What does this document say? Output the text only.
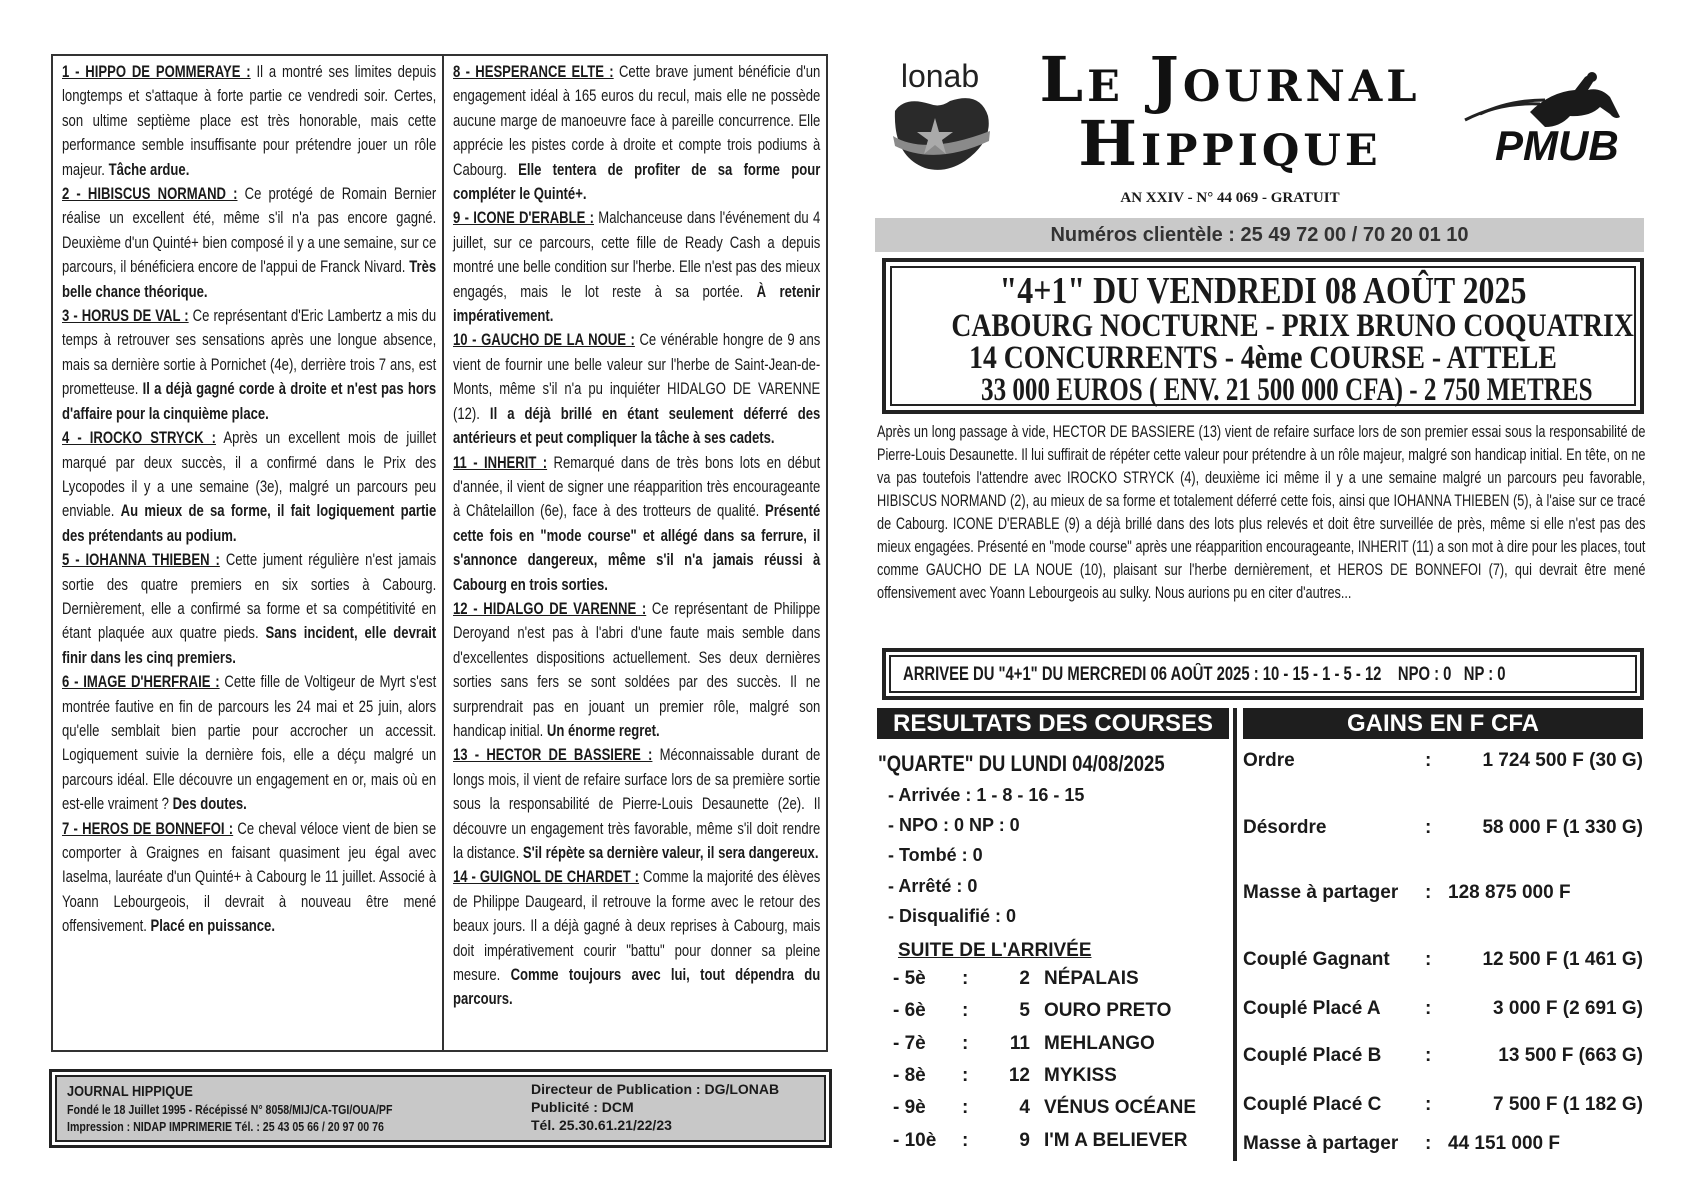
1 - HIPPO DE POMMERAYE : Il a montré ses limites depuis longtemps et s'attaque à forte partie ce vendredi soir. Certes, son ultime septième place est très honorable, mais cette performance semble insuffisante pour prétendre jouer un rôle majeur. Tâche ardue.
2 - HIBISCUS NORMAND : Ce protégé de Romain Bernier réalise un excellent été, même s'il n'a pas encore gagné. Deuxième d'un Quinté+ bien composé il y a une semaine, sur ce parcours, il bénéficiera encore de l'appui de Franck Nivard. Très belle chance théorique.
3 - HORUS DE VAL : Ce représentant d'Eric Lambertz a mis du temps à retrouver ses sensations après une longue absence, mais sa dernière sortie à Pornichet (4e), derrière trois 7 ans, est prometteuse. Il a déjà gagné corde à droite et n'est pas hors d'affaire pour la cinquième place.
4 - IROCKO STRYCK : Après un excellent mois de juillet marqué par deux succès, il a confirmé dans le Prix des Lycopodes il y a une semaine (3e), malgré un parcours peu enviable. Au mieux de sa forme, il fait logiquement partie des prétendants au podium.
5 - IOHANNA THIEBEN : Cette jument régulière n'est jamais sortie des quatre premiers en six sorties à Cabourg. Dernièrement, elle a confirmé sa forme et sa compétitivité en étant plaquée aux quatre pieds. Sans incident, elle devrait finir dans les cinq premiers.
6 - IMAGE D'HERFRAIE : Cette fille de Voltigeur de Myrt s'est montrée fautive en fin de parcours les 24 mai et 25 juin, alors qu'elle semblait bien partie pour accrocher un accessit. Logiquement suivie la dernière fois, elle a déçu malgré un parcours idéal. Elle découvre un engagement en or, mais où en est-elle vraiment ? Des doutes.
7 - HEROS DE BONNEFOI : Ce cheval véloce vient de bien se comporter à Graignes en faisant quasiment jeu égal avec Iaselma, lauréate d'un Quinté+ à Cabourg le 11 juillet. Associé à Yoann Lebourgeois, il devrait à nouveau être mené offensivement. Placé en puissance.
8 - HESPERANCE ELTE : Cette brave jument bénéficie d'un engagement idéal à 165 euros du recul, mais elle ne possède aucune marge de manoeuvre face à pareille concurrence. Elle apprécie les pistes corde à droite et compte trois podiums à Cabourg. Elle tentera de profiter de sa forme pour compléter le Quinté+.
9 - ICONE D'ERABLE : Malchanceuse dans l'événement du 4 juillet, sur ce parcours, cette fille de Ready Cash a depuis montré une belle condition sur l'herbe. Elle n'est pas des mieux engagés, mais le lot reste à sa portée. À retenir impérativement.
10 - GAUCHO DE LA NOUE : Ce vénérable hongre de 9 ans vient de fournir une belle valeur sur l'herbe de Saint-Jean-de-Monts, même s'il n'a pu inquiéter HIDALGO DE VARENNE (12). Il a déjà brillé en étant seulement déferré des antérieurs et peut compliquer la tâche à ses cadets.
11 - INHERIT : Remarqué dans de très bons lots en début d'année, il vient de signer une réapparition très encourageante à Châtelaillon (6e), face à des trotteurs de qualité. Présenté cette fois en "mode course" et allégé dans sa ferrure, il s'annonce dangereux, même s'il n'a jamais réussi à Cabourg en trois sorties.
12 - HIDALGO DE VARENNE : Ce représentant de Philippe Deroyand n'est pas à l'abri d'une faute mais semble dans d'excellentes dispositions actuellement. Ses deux dernières sorties sans fers se sont soldées par des succès. Il ne surprendrait pas en jouant un premier rôle, malgré son handicap initial. Un énorme regret.
13 - HECTOR DE BASSIERE : Méconnaissable durant de longs mois, il vient de refaire surface lors de sa première sortie sous la responsabilité de Pierre-Louis Desaunette (2e). Il découvre un engagement très favorable, même s'il doit rendre la distance. S'il répète sa dernière valeur, il sera dangereux.
14 - GUIGNOL DE CHARDET : Comme la majorité des élèves de Philippe Daugeard, il retrouve la forme avec le retour des beaux jours. Il a déjà gagné à deux reprises à Cabourg, mais doit impérativement courir "battu" pour donner sa pleine mesure. Comme toujours avec lui, tout dépendra du parcours.
JOURNAL HIPPIQUE
Fondé le 18 Juillet 1995 - Récépissé N° 8058/MIJ/CA-TGI/OUA/PF
Impression : NIDAP IMPRIMERIE Tél. : 25 43 05 66 / 20 97 00 76
Directeur de Publication : DG/LONAB
Publicité : DCM
Tél. 25.30.61.21/22/23
lonab Le Journal
Hippique	PMUB
AN XXIV - N° 44 069 - GRATUIT
Numéros clientèle : 25 49 72 00 / 70 20 01 10
"4+1" DU VENDREDI 08 AOÛT 2025
CABOURG NOCTURNE - PRIX BRUNO COQUATRIX
14 CONCURRENTS - 4ème COURSE - ATTELE
33 000 EUROS ( ENV. 21 500 000 CFA) - 2 750 METRES
Après un long passage à vide, HECTOR DE BASSIERE (13) vient de refaire surface lors de son premier essai sous la responsabilité de Pierre-Louis Desaunette. Il lui suffirait de répéter cette valeur pour prétendre à un rôle majeur, malgré son handicap initial. En tête, on ne va pas toutefois l'attendre avec IROCKO STRYCK (4), deuxième ici même il y a une semaine malgré un parcours peu favorable, HIBISCUS NORMAND (2), au mieux de sa forme et totalement déferré cette fois, ainsi que IOHANNA THIEBEN (5), à l'aise sur ce tracé de Cabourg. ICONE D'ERABLE (9) a déjà brillé dans des lots plus relevés et doit être surveillée de près, même si elle n'est pas des mieux engagées. Présenté en "mode course" après une réapparition encourageante, INHERIT (11) a son mot à dire pour les places, tout comme GAUCHO DE LA NOUE (10), plaisant sur l'herbe dernièrement, et HEROS DE BONNEFOI (7), qui devrait être mené offensivement avec Yoann Lebourgeois au sulky. Nous aurions pu en citer d'autres...
ARRIVEE DU "4+1" DU MERCREDI 06 AOÛT 2025 : 10 - 15 - 1 - 5 - 12    NPO : 0   NP : 0
RESULTATS DES COURSES	GAINS EN F CFA
"QUARTE" DU LUNDI 04/08/2025
- Arrivée : 1 - 8 - 16 - 15
- NPO : 0 NP : 0
- Tombé : 0
- Arrêté : 0
- Disqualifié : 0
SUITE DE L'ARRIVÉE
- 5è :	2 NÉPALAIS
- 6è :	5 OURO PRETO
- 7è :	11 MEHLANGO
- 8è :	12 MYKISS
- 9è :	4 VÉNUS OCÉANE
- 10è :	9 I'M A BELIEVER
Ordre	:	1 724 500 F (30 G)
Désordre	:	58 000 F (1 330 G)
Masse à partager : 128 875 000 F
Couplé Gagnant :	12 500 F (1 461 G)
Couplé Placé A :	3 000 F (2 691 G)
Couplé Placé B :	13 500 F (663 G)
Couplé Placé C :	7 500 F (1 182 G)
Masse à partager : 44 151 000 F
